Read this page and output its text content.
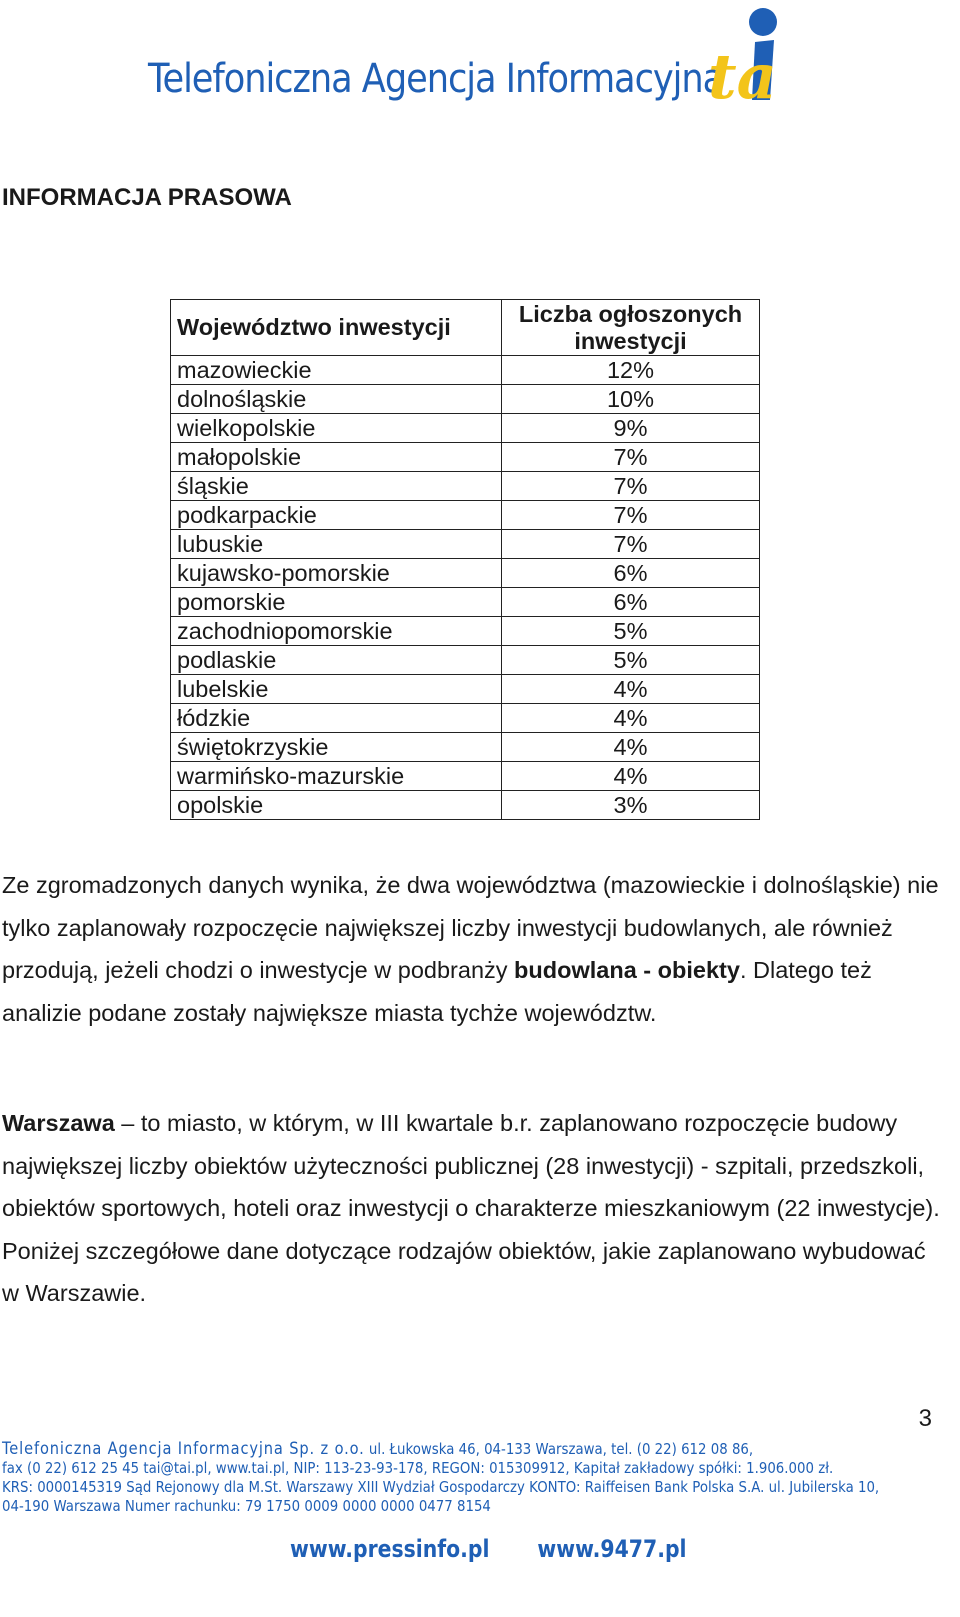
Telefoniczna Agencja Informacyjna
ta
INFORMACJA PRASOWA
Województwo inwestycji	Liczba ogłoszonych inwestycji
mazowieckie	12%
dolnośląskie	10%
wielkopolskie	9%
małopolskie	7%
śląskie	7%
podkarpackie	7%
lubuskie	7%
kujawsko-pomorskie	6%
pomorskie	6%
zachodniopomorskie	5%
podlaskie	5%
lubelskie	4%
łódzkie	4%
świętokrzyskie	4%
warmińsko-mazurskie	4%
opolskie	3%
Ze zgromadzonych danych wynika, że dwa województwa (mazowieckie i dolnośląskie) nie tylko zaplanowały rozpoczęcie największej liczby inwestycji budowlanych, ale również przodują, jeżeli chodzi o inwestycje w podbranży budowlana - obiekty. Dlatego też analizie podane zostały największe miasta tychże województw.
Warszawa – to miasto, w którym, w III kwartale b.r. zaplanowano rozpoczęcie budowy największej liczby obiektów użyteczności publicznej (28 inwestycji) - szpitali, przedszkoli, obiektów sportowych, hoteli oraz inwestycji o charakterze mieszkaniowym (22 inwestycje). Poniżej szczegółowe dane dotyczące rodzajów obiektów, jakie zaplanowano wybudować w Warszawie.
3
Telefoniczna Agencja Informacyjna Sp. z o.o. ul. Łukowska 46, 04-133 Warszawa, tel. (0 22) 612 08 86,
fax (0 22) 612 25 45 tai@tai.pl, www.tai.pl, NIP: 113-23-93-178, REGON: 015309912, Kapitał zakładowy spółki: 1.906.000 zł.
KRS: 0000145319 Sąd Rejonowy dla M.St. Warszawy XIII Wydział Gospodarczy KONTO: Raiffeisen Bank Polska S.A. ul. Jubilerska 10,
04-190 Warszawa Numer rachunku: 79 1750 0009 0000 0000 0477 8154
www.pressinfo.pl www.9477.pl
